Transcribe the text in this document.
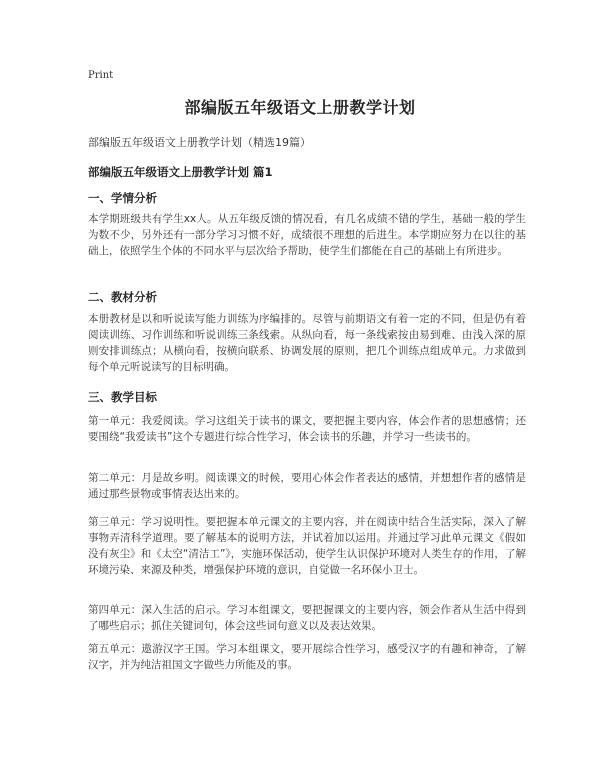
Print
部编版五年级语文上册教学计划
部编版五年级语文上册教学计划（精选19篇）
部编版五年级语文上册教学计划 篇1
一、学情分析

本学期班级共有学生xx人。从五年级反馈的情况看，有几名成绩不错的学生，基础一般的学生为数不少，另外还有一部分学习习惯不好，成绩很不理想的后进生。本学期应努力在以往的基础上，依照学生个体的不同水平与层次给予帮助，使学生们都能在自己的基础上有所进步。

二、教材分析

本册教材是以和听说读写能力训练为序编排的。尽管与前期语文有着一定的不同，但是仍有着阅读训练、习作训练和听说训练三条线索。从纵向看，每一条线索按由易到难、由浅入深的原则安排训练点；从横向看，按横向联系、协调发展的原则，把几个训练点组成单元。力求做到每个单元听说读写的目标明确。

三、教学目标

第一单元：我爱阅读。学习这组关于读书的课文，要把握主要内容，体会作者的思想感情；还要围绕“我爱读书”这个专题进行综合性学习，体会读书的乐趣，并学习一些读书的。

第二单元：月是故乡明。阅读课文的时候，要用心体会作者表达的感情，并想想作者的感情是通过那些景物或事情表达出来的。

第三单元：学习说明性。要把握本单元课文的主要内容，并在阅读中结合生活实际，深入了解事物弄清科学道理。要了解基本的说明方法，并试着加以运用。并通过学习此单元课文《假如没有灰尘》和《太空“清洁工”》，实施环保活动，使学生认识保护环境对人类生存的作用，了解环境污染、来源及种类，增强保护环境的意识，自觉做一名环保小卫士。

第四单元：深入生活的启示。学习本组课文，要把握课文的主要内容，领会作者从生活中得到了哪些启示；抓住关键词句，体会这些词句意义以及表达效果。

第五单元：遨游汉字王国。学习本组课文，要开展综合性学习，感受汉字的有趣和神奇，了解汉字，并为纯洁祖国文字做些力所能及的事。
